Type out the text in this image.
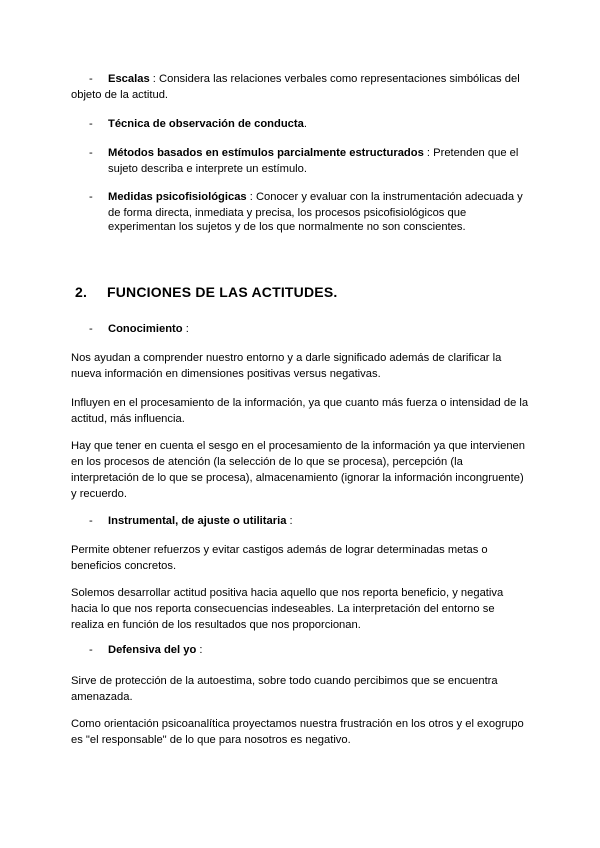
- Escalas : Considera las relaciones verbales como representaciones simbólicas del
objeto de la actitud.
- Técnica de observación de conducta.
- Métodos basados en estímulos parcialmente estructurados : Pretenden que el
sujeto describa e interprete un estímulo.
- Medidas psicofisiológicas : Conocer y evaluar con la instrumentación adecuada y
de forma directa, inmediata y precisa, los procesos psicofisiológicos que
experimentan los sujetos y de los que normalmente no son conscientes.
2. FUNCIONES DE LAS ACTITUDES.
- Conocimiento :
Nos ayudan a comprender nuestro entorno y a darle significado además de clarificar la
nueva información en dimensiones positivas versus negativas.
Influyen en el procesamiento de la información, ya que cuanto más fuerza o intensidad de la
actitud, más influencia.
Hay que tener en cuenta el sesgo en el procesamiento de la información ya que intervienen
en los procesos de atención (la selección de lo que se procesa), percepción (la
interpretación de lo que se procesa), almacenamiento (ignorar la información incongruente)
y recuerdo.
- Instrumental, de ajuste o utilitaria :
Permite obtener refuerzos y evitar castigos además de lograr determinadas metas o
beneficios concretos.
Solemos desarrollar actitud positiva hacia aquello que nos reporta beneficio, y negativa
hacia lo que nos reporta consecuencias indeseables. La interpretación del entorno se
realiza en función de los resultados que nos proporcionan.
- Defensiva del yo :
Sirve de protección de la autoestima, sobre todo cuando percibimos que se encuentra
amenazada.
Como orientación psicoanalítica proyectamos nuestra frustración en los otros y el exogrupo
es "el responsable" de lo que para nosotros es negativo.
